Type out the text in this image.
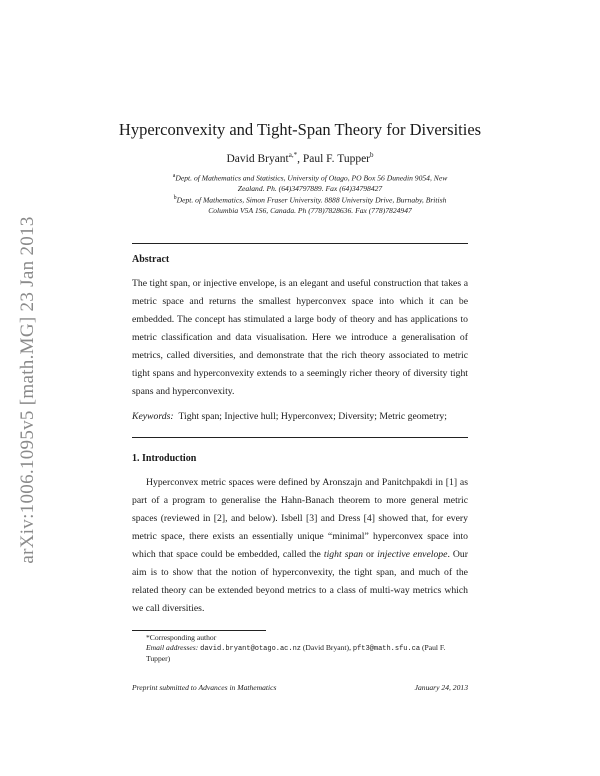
arXiv:1006.1095v5 [math.MG] 23 Jan 2013
Hyperconvexity and Tight-Span Theory for Diversities
David Bryant$^{a,*}$, Paul F. Tupper$^b$
$^a$Dept. of Mathematics and Statistics, University of Otago, PO Box 56 Dunedin 9054, New
Zealand. Ph. (64)34797889. Fax (64)34798427
$^b$Dept. of Mathematics, Simon Fraser University. 8888 University Drive, Burnaby, British
Columbia V5A 1S6, Canada. Ph (778)7828636. Fax (778)7824947
Abstract
The tight span, or injective envelope, is an elegant and useful construction that takes a metric space and returns the smallest hyperconvex space into which it can be embedded. The concept has stimulated a large body of theory and has applications to metric classification and data visualisation. Here we introduce a generalisation of metrics, called diversities, and demonstrate that the rich theory associated to metric tight spans and hyperconvexity extends to a seemingly richer theory of diversity tight spans and hyperconvexity.
Keywords: Tight span; Injective hull; Hyperconvex; Diversity; Metric geometry;
1. Introduction
Hyperconvex metric spaces were defined by Aronszajn and Panitchpakdi in [1] as part of a program to generalise the Hahn-Banach theorem to more general metric spaces (reviewed in [2], and below). Isbell [3] and Dress [4] showed that, for every metric space, there exists an essentially unique “minimal” hyperconvex space into which that space could be embedded, called the tight span or injective envelope. Our aim is to show that the notion of hyperconvexity, the tight span, and much of the related theory can be extended beyond metrics to a class of multi-way metrics which we call diversities.
*Corresponding author
Email addresses: david.bryant@otago.ac.nz (David Bryant), pft3@math.sfu.ca (Paul F. Tupper)
Preprint submitted to Advances in Mathematics	January 24, 2013
